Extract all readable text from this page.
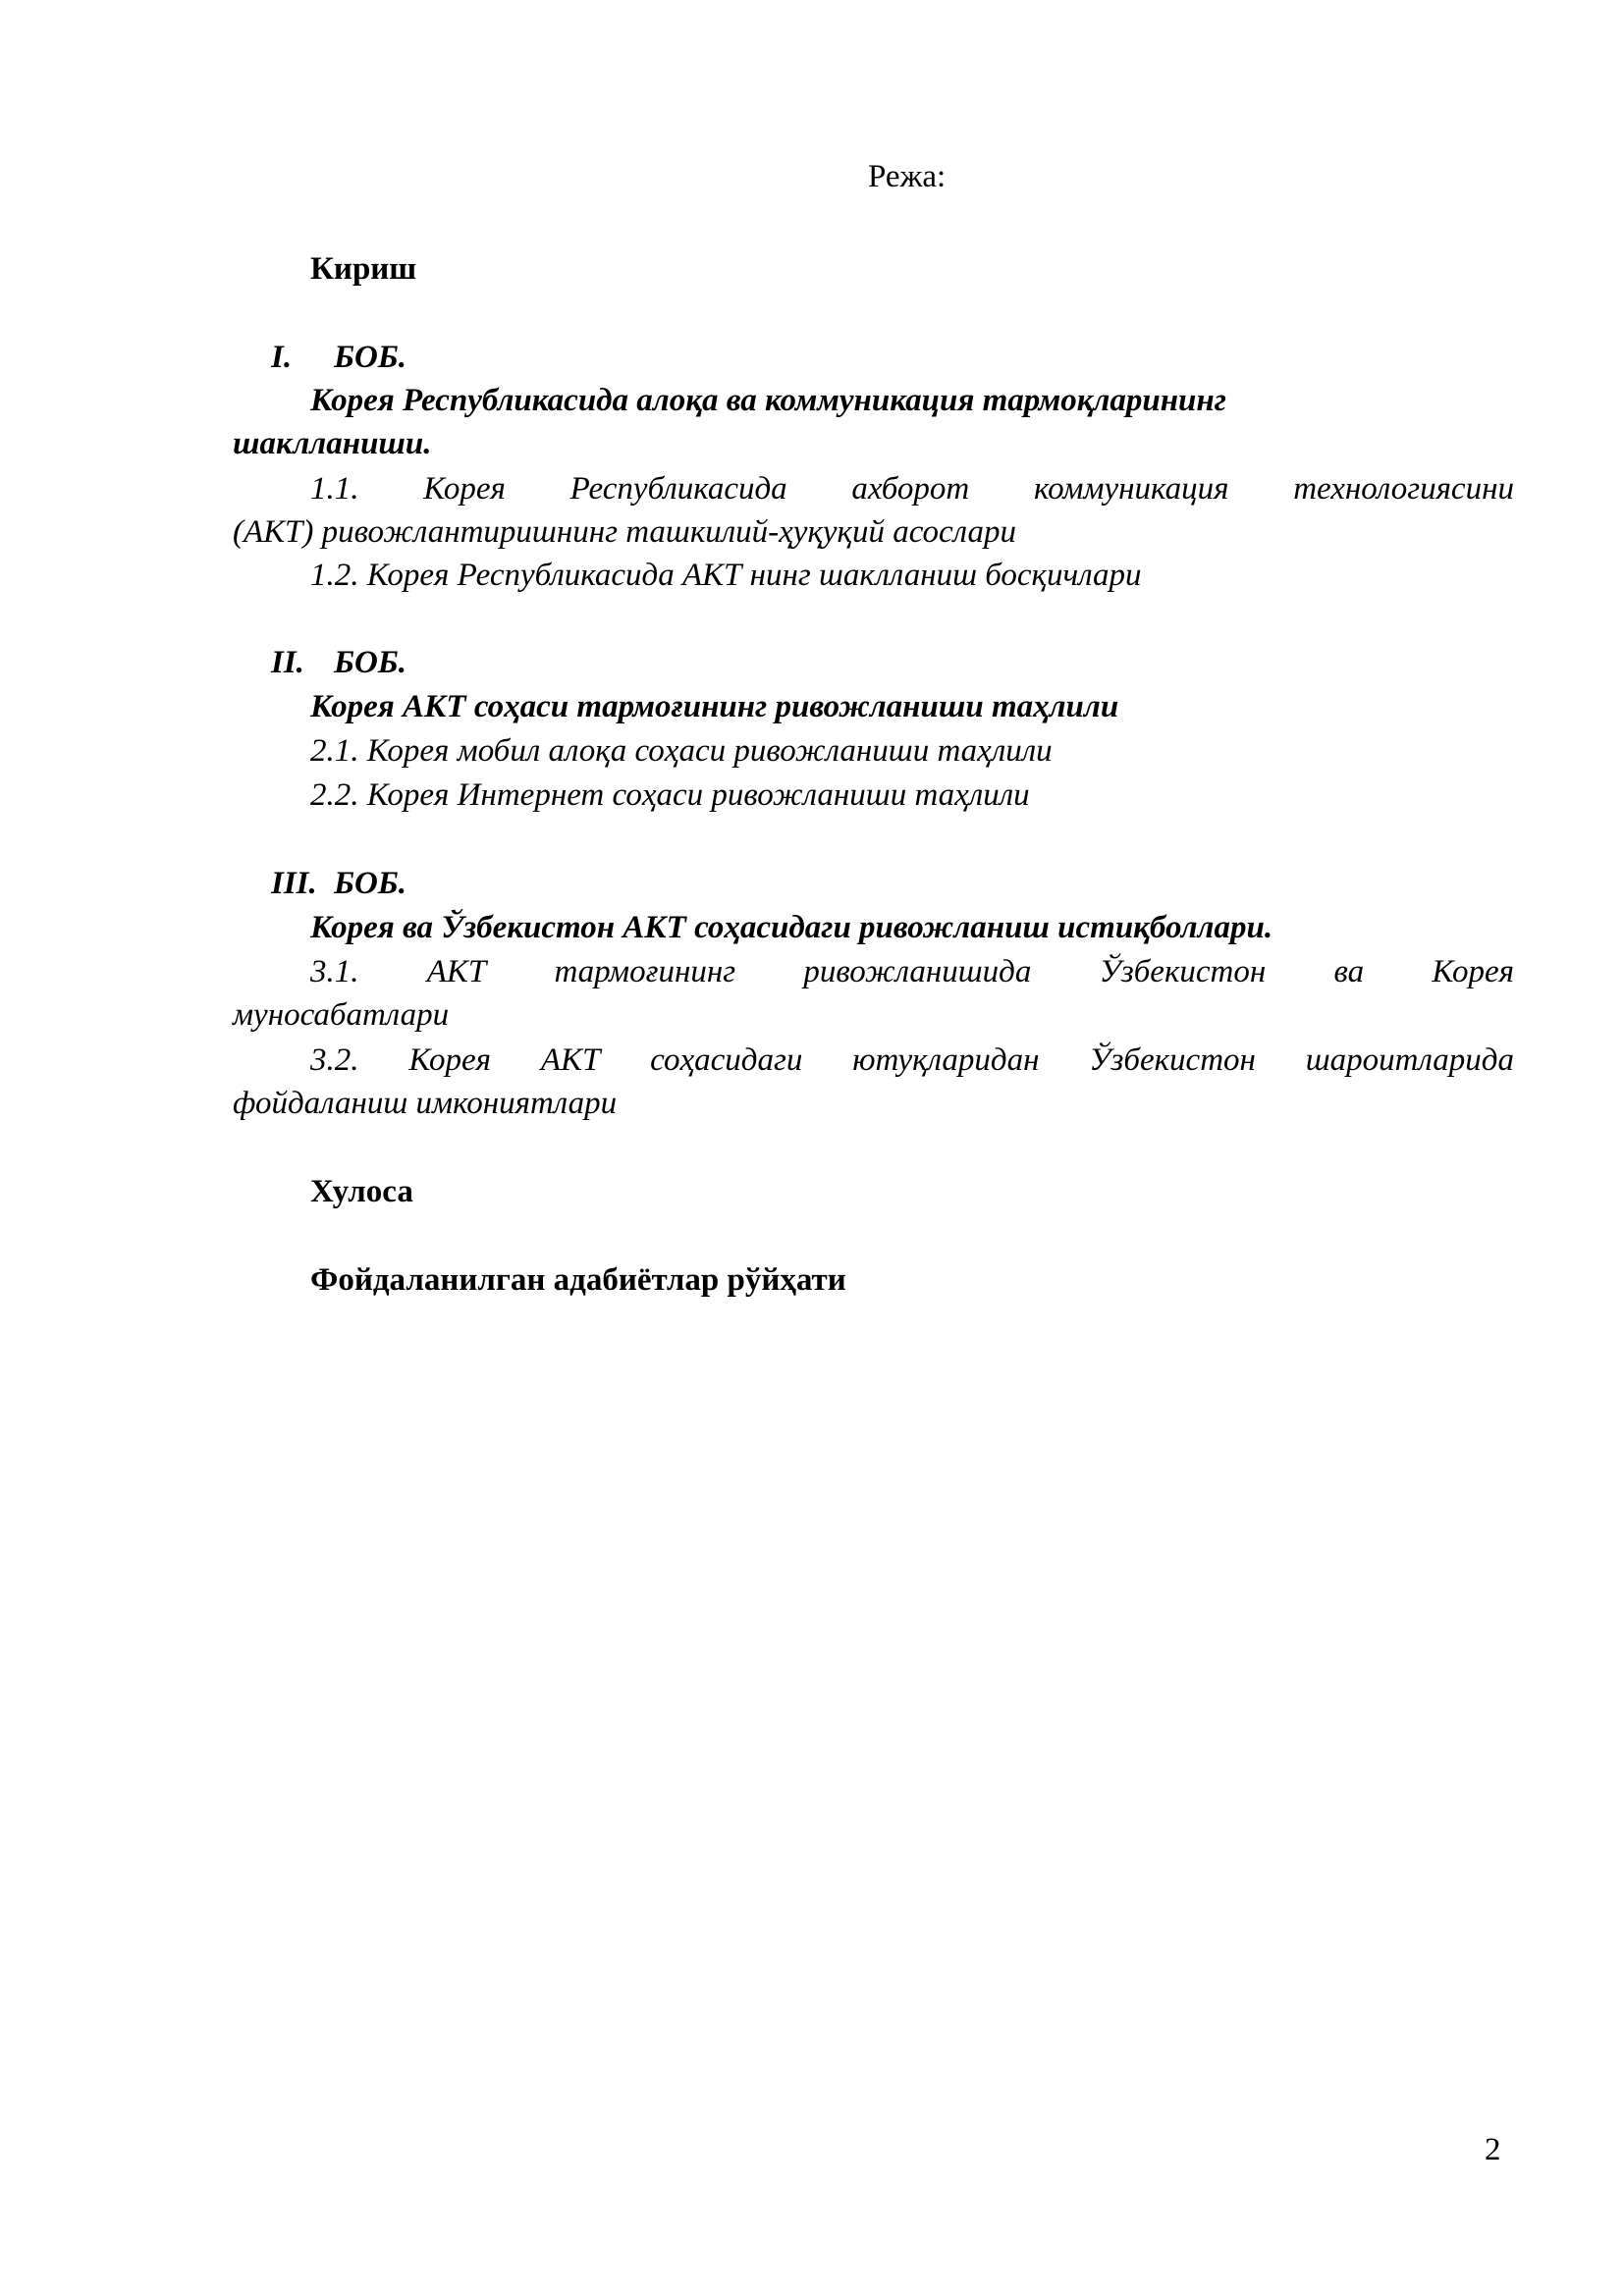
Режа:
Кириш
I. БОБ.
Корея Республикасида алоқа ва коммуникация тармоқларининг
шаклланиши.
1.1. Корея Республикасида ахборот коммуникация технологиясини
(АКТ) ривожлантиришнинг ташкилий-ҳуқуқий асослари
1.2. Корея Республикасида АКТ нинг шаклланиш босқичлари
II. БОБ.
Корея АКТ соҳаси тармоғининг ривожланиши таҳлили
2.1. Корея мобил алоқа соҳаси ривожланиши таҳлили
2.2. Корея Интернет соҳаси ривожланиши таҳлили
III. БОБ.
Корея ва Ўзбекистон АКТ соҳасидаги ривожланиш истиқболлари.
3.1. АКТ тармоғининг ривожланишида Ўзбекистон ва Корея
муносабатлари
3.2. Корея АКТ соҳасидаги ютуқларидан Ўзбекистон шароитларида
фойдаланиш имкониятлари
Хулоса
Фойдаланилган адабиётлар рўйҳати
2
